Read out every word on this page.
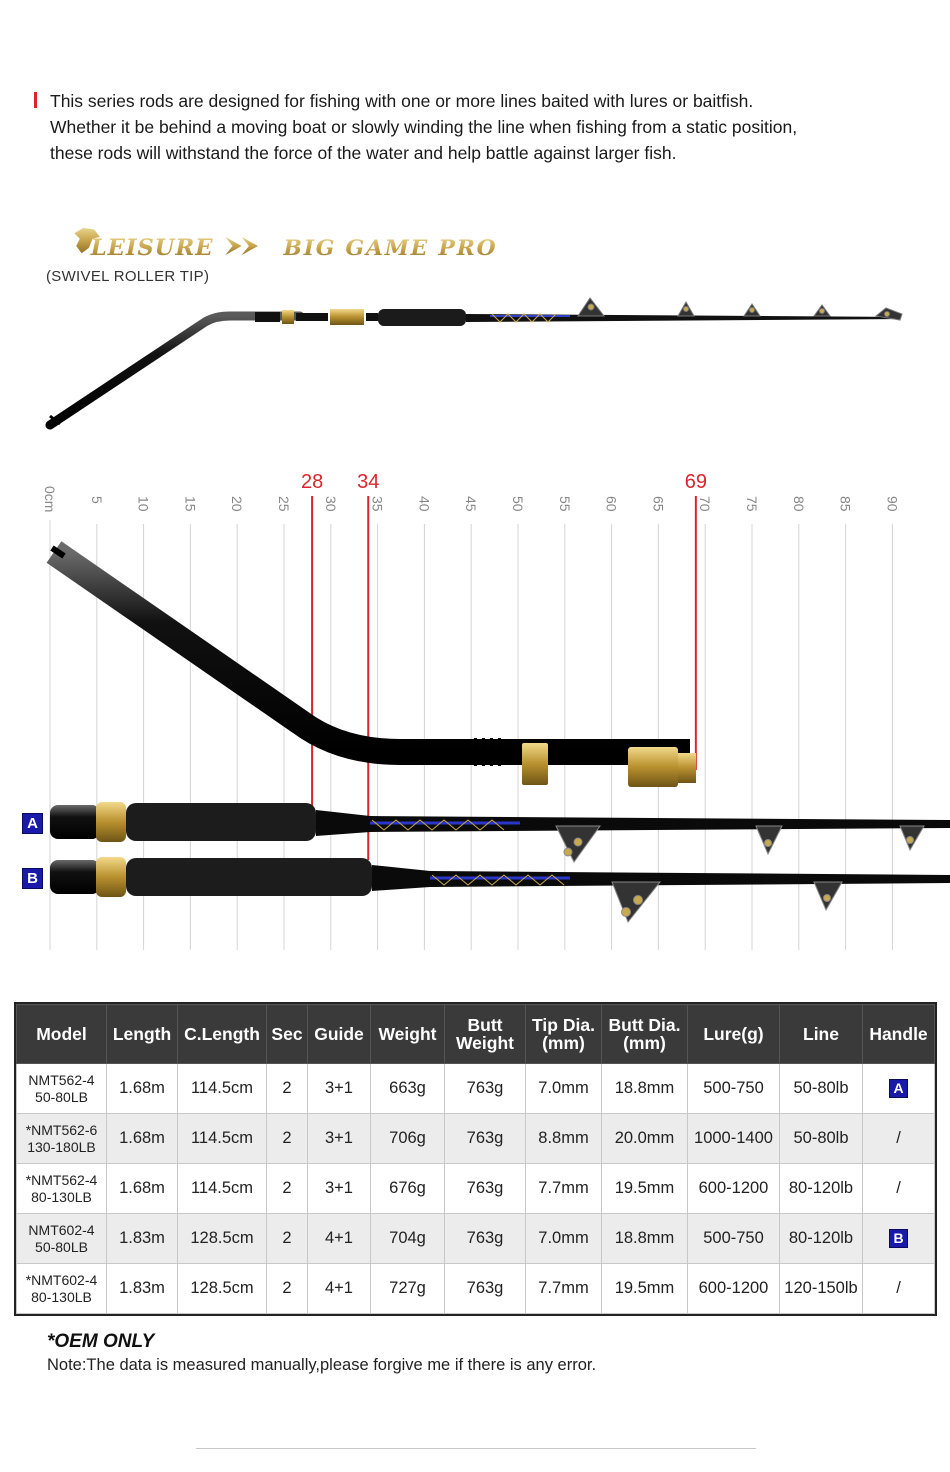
This series rods are designed for fishing with one or more lines baited with lures or baitfish.
Whether it be behind a moving boat or slowly winding the line when fishing from a static position,
these rods will withstand the force of the water and help battle against larger fish.
LEISURE	BIG GAME PRO
(SWIVEL ROLLER TIP)
0cm 5 10 15 20 25 30 35 40 45 50 55 60 65 70 75 80 85 90
28 34	69
A
B
Model	Length	C.Length	Sec	Guide	Weight	Butt Weight	Tip Dia. (mm)	Butt Dia. (mm)	Lure(g)	Line	Handle

NMT562-4
50-80LB	1.68m	114.5cm	2	3+1	663g	763g	7.0mm	18.8mm	500-750	50-80lb	A

*NMT562-6
130-180LB	1.68m	114.5cm	2	3+1	706g	763g	8.8mm	20.0mm	1000-1400	50-80lb	/

*NMT562-4
80-130LB	1.68m	114.5cm	2	3+1	676g	763g	7.7mm	19.5mm	600-1200	80-120lb	/

NMT602-4
50-80LB	1.83m	128.5cm	2	4+1	704g	763g	7.0mm	18.8mm	500-750	80-120lb	B

*NMT602-4
80-130LB	1.83m	128.5cm	2	4+1	727g	763g	7.7mm	19.5mm	600-1200	120-150lb	/
*OEM ONLY
Note:The data is measured manually,please forgive me if there is any error.
